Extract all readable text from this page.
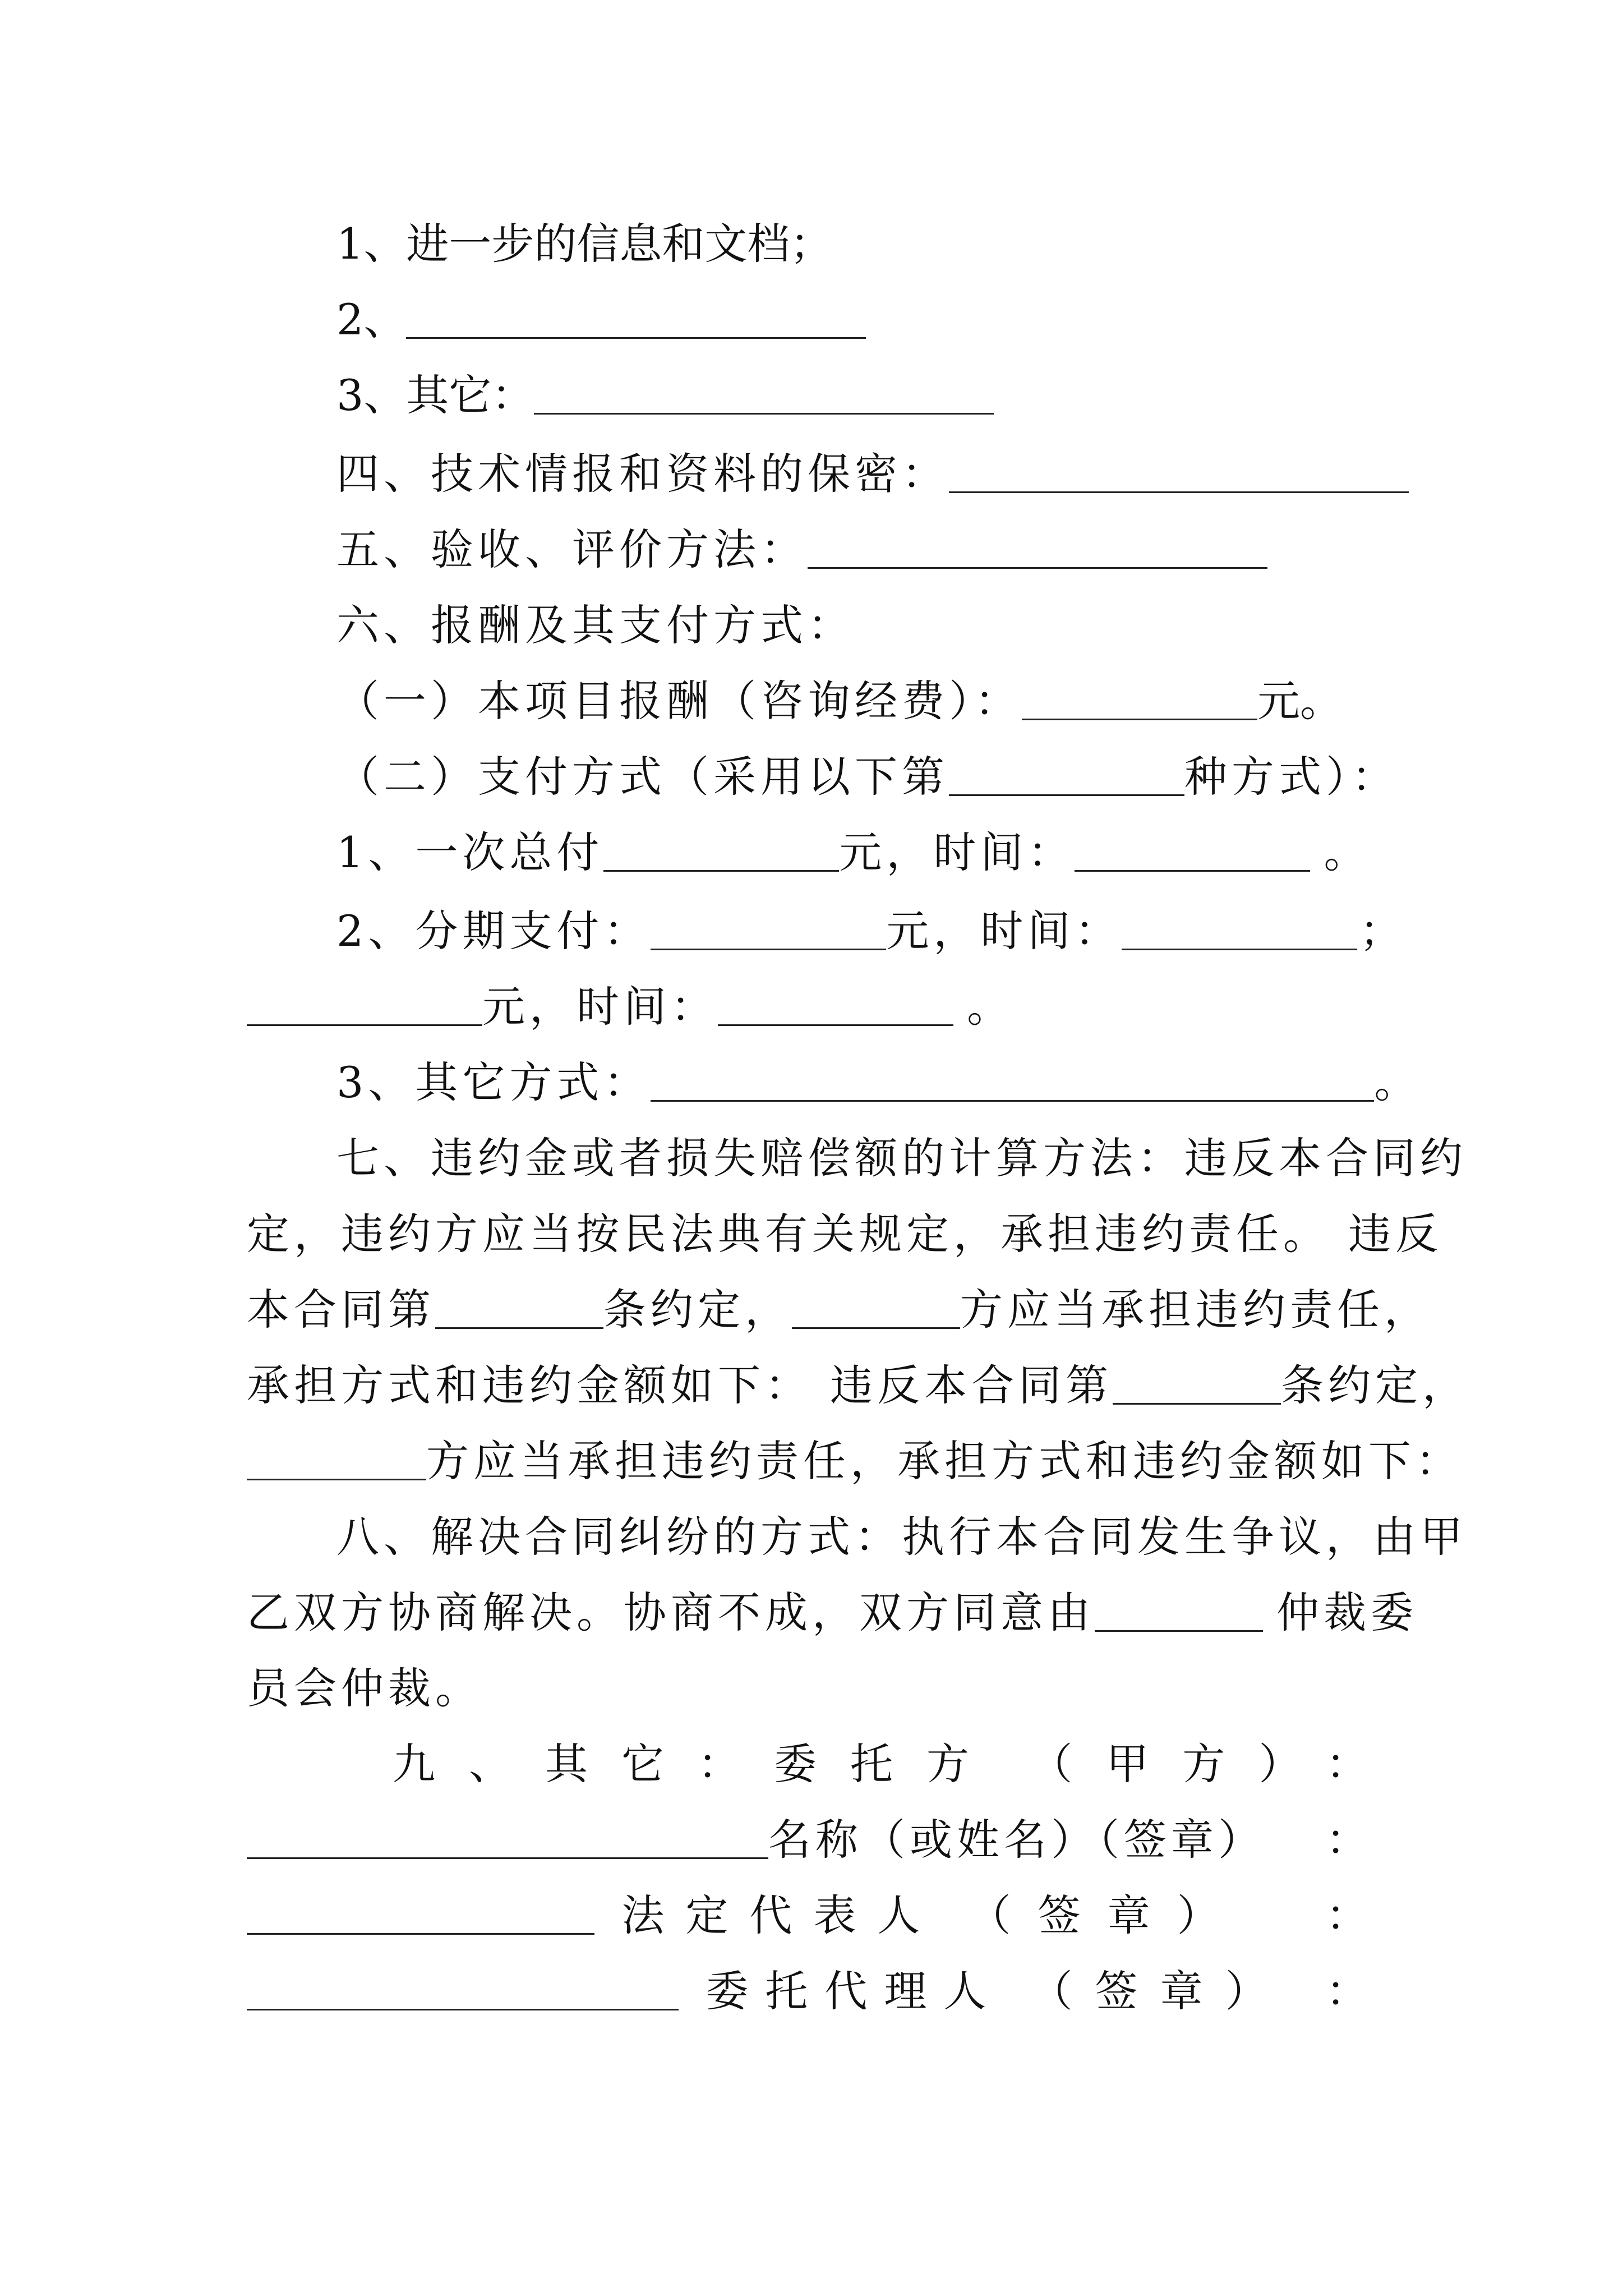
1、进一步的信息和文档；
2、
3、其它：
四、技术情报和资料的保密：
五、验收、评价方法：
六、报酬及其支付方式：
（一）本项目报酬（咨询经费）：	元。
（二）支付方式（采用以下第	种方式）：
1、一次总付	元，时间：	。
2、分期支付：	元，时间：	；
元，时间：	。
3、其它方式：	。
七、违约金或者损失赔偿额的计算方法：违反本合同约
定，违约方应当按民法典有关规定，承担违约责任。 违反
本合同第	条约定，	方应当承担违约责任，
承担方式和违约金额如下： 违反本合同第	条约定，
方应当承担违约责任，承担方式和违约金额如下：
八、解决合同纠纷的方式：执行本合同发生争议，由甲
乙双方协商解决。协商不成，双方同意由	仲裁委
员会仲裁。
九、其它：委托方 （甲方）
：
名称（或姓名）（签章） ：
法定代表人 （签章） ：
委托代理人 （签章） ：
